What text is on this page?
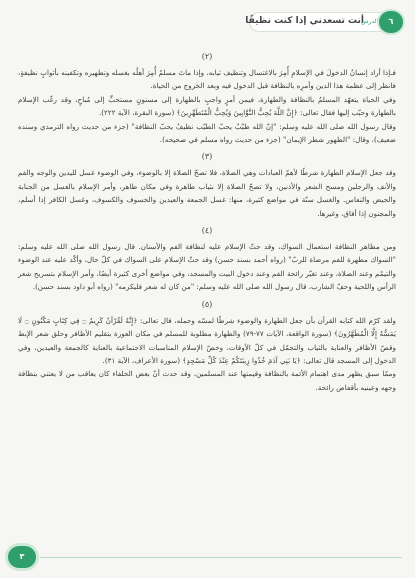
أنت تسعدني إذا كنت نظيفًا
الدرس	٦
(٢)

فـإذا أراد إنسانٌ الدخولَ في الإسلامِ أُمِرَ بالاغتسال وتنظيف ثيابه، وإذا ماتَ مسلمٌ أُمِرَ أهلُه بغسله وتطهيره وتكفينه بأثوابٍ نظيفةٍ، فانظر إلى عظمة هذا الدين وأمرِه بالنظافة قبل الدخول فيه وبعد الخروج من الحياة.

وفي الحياة يتعهّد المسلمُ بالنظافة والطهارة، فيمن أمرٍ واجبٍ بالطهارة إلى مسنونٍ مستحبٍّ إلى مُباحٍ، وقد رغّب الإسلام بالطهارة وحبّب إليها فقال تعالى: ﴿إِنَّ اللَّهَ يُحِبُّ التَّوَّابِينَ وَيُحِبُّ الْمُتَطَهِّرِينَ﴾ (سورة البقرة، الآية ٢٢٢).

وقال رسول الله صلى الله عليه وسلم: "إنّ الله طيّبٌ يحبّ الطيّب نظيفٌ يحبّ النظافة" (جزء من حديث رواه الترمذي وسنده ضعيف)، وقال: "الطهور شطر الإيمان" (جزء من حديث رواه مسلم في صحيحه).

(٣)

وقد جعل الإسلام الطهارة شرطًا لأهمّ العبادات وهي الصلاة، فلا تصحّ الصلاة إلا بالوضوء، وفي الوضوء غسل لليدين والوجه والفم والأنف والرجلين ومسح الشعر والأذنين، ولا تصحّ الصلاة إلا بثياب طاهرة وفي مكان طاهر، وأمر الإسلام بالغسل من الجنابة والحيض والنفاس. والغسل سنّة في مواضع كثيرة، منها: غسل الجمعة والعيدين والخسوف والكسوف، وغسل الكافر إذا أسلم، والمجنون إذا أفاق، وغيرها.

(٤)

ومن مظاهر النظافة استعمال السواك، وقد حثّ الإسلام عليه لنظافة الفم والأسنان. قال رسول الله صلى الله عليه وسلم: "السواك مطهرة للفم مرضاة للربّ" (رواه أحمد بسند حسن) وقد حثّ الإسلام على السواك في كلّ حال، وأكّد عليه عند الوضوء والتيمّم وعند الصلاة، وعند تغيّر رائحة الفم وعند دخول البيت والمسجد، وفي مواضع أخرى كثيرة أيضًا، وأمر الإسلام بتسريح شعر الرأس واللحية وحفّ الشارب، قال رسول الله صلى الله عليه وسلم: "من كان له شعر فليكرمه" (رواه أبو داود بسند حسن).

(٥)

ولقد كرّم الله كتابه القرآن بأن جعل الطهارة والوضوء شرطًا لمسّه وحمله، قال تعالى: ﴿إِنَّهُ لَقُرْآنٌ كَرِيمٌ ۝ فِي كِتَابٍ مَكْنُونٍ ۝ لَا يَمَسُّهُ إِلَّا الْمُطَهَّرُونَ﴾ (سورة الواقعة، الآيات ٧٧-٧٩) والطهارة مطلوبة للمسلم في مكان العورة بتقليم الأظافر وحلق شعر الإبط وقصّ الأظافر والعناية بالثياب والتجمّل في كلّ الأوقات، وخصّ الإسلام المناسبات الاجتماعية بالعناية كالجمعة والعيدين، وفي الدخول إلى المسجد قال تعالى: ﴿يَا بَنِي آدَمَ خُذُوا زِينَتَكُمْ عِنْدَ كُلِّ مَسْجِدٍ﴾ (سورة الأعراف، الآية ٣١).

وممّا سبق يظهر مدى اهتمام الأئمة بالنظافة وقيمتها عند المسلمين، وقد حدث أنّ بعض الخلفاء كان يعاقب من لا يعتني بنظافة وجهه وعينيه بأقفاص رائحة.

٣
